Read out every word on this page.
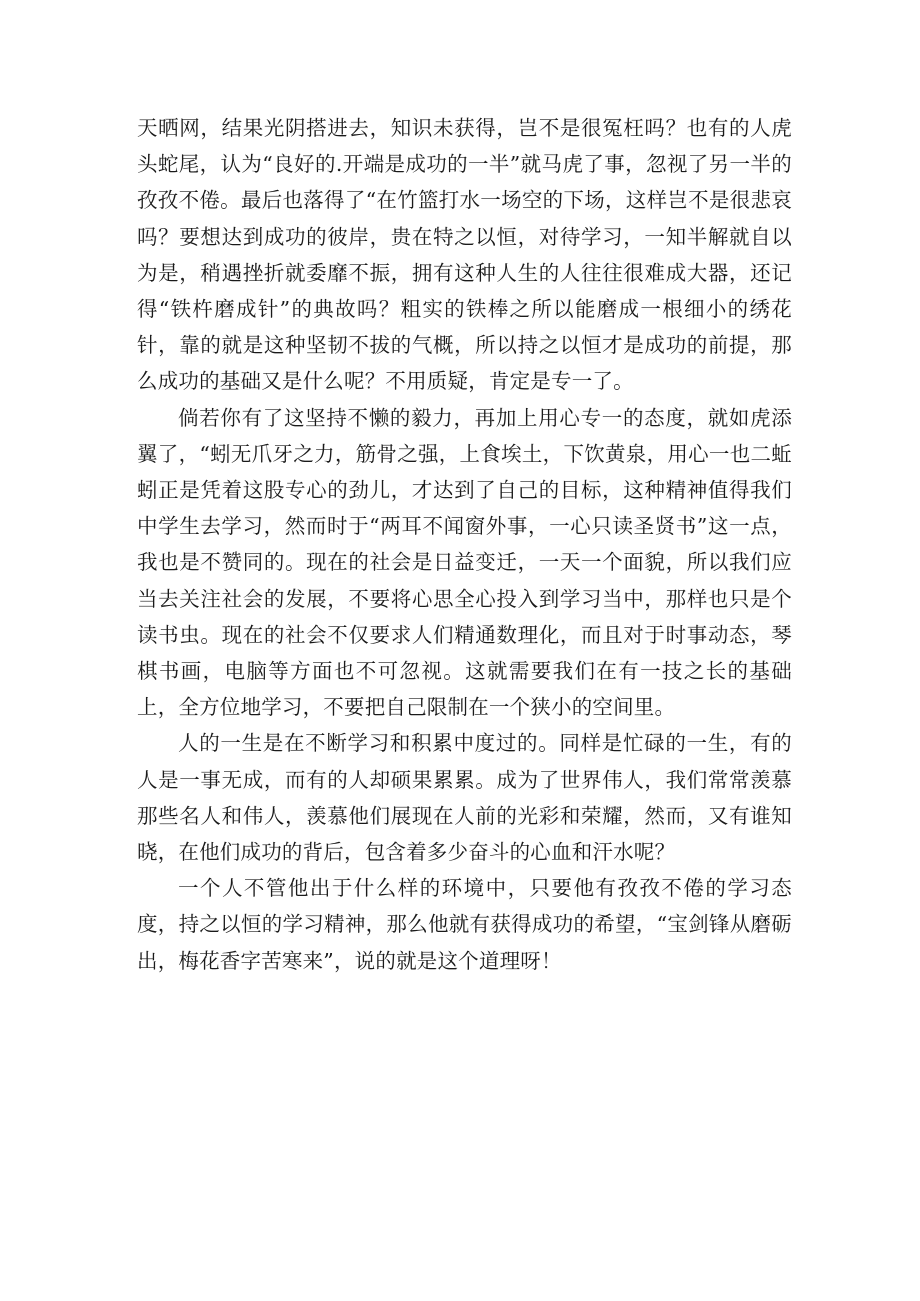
天晒网，结果光阴搭进去，知识未获得，岂不是很冤枉吗？也有的人虎头蛇尾，认为“良好的.开端是成功的一半”就马虎了事，忽视了另一半的孜孜不倦。最后也落得了“在竹篮打水一场空的下场，这样岂不是很悲哀吗？要想达到成功的彼岸，贵在特之以恒，对待学习，一知半解就自以为是，稍遇挫折就委靡不振，拥有这种人生的人往往很难成大器，还记得“铁杵磨成针”的典故吗？粗实的铁棒之所以能磨成一根细小的绣花针，靠的就是这种坚韧不拔的气概，所以持之以恒才是成功的前提，那么成功的基础又是什么呢？不用质疑，肯定是专一了。

倘若你有了这坚持不懒的毅力，再加上用心专一的态度，就如虎添翼了，“蚓无爪牙之力，筋骨之强，上食埃土，下饮黄泉，用心一也二蚯蚓正是凭着这股专心的劲儿，才达到了自己的目标，这种精神值得我们中学生去学习，然而时于“两耳不闻窗外事，一心只读圣贤书”这一点，我也是不赞同的。现在的社会是日益变迁，一天一个面貌，所以我们应当去关注社会的发展，不要将心思全心投入到学习当中，那样也只是个读书虫。现在的社会不仅要求人们精通数理化，而且对于时事动态，琴棋书画，电脑等方面也不可忽视。这就需要我们在有一技之长的基础上，全方位地学习，不要把自己限制在一个狭小的空间里。

人的一生是在不断学习和积累中度过的。同样是忙碌的一生，有的人是一事无成，而有的人却硕果累累。成为了世界伟人，我们常常羡慕那些名人和伟人，羡慕他们展现在人前的光彩和荣耀，然而，又有谁知晓，在他们成功的背后，包含着多少奋斗的心血和汗水呢？

一个人不管他出于什么样的环境中，只要他有孜孜不倦的学习态度，持之以恒的学习精神，那么他就有获得成功的希望，“宝剑锋从磨砺出，梅花香字苦寒来”，说的就是这个道理呀！
